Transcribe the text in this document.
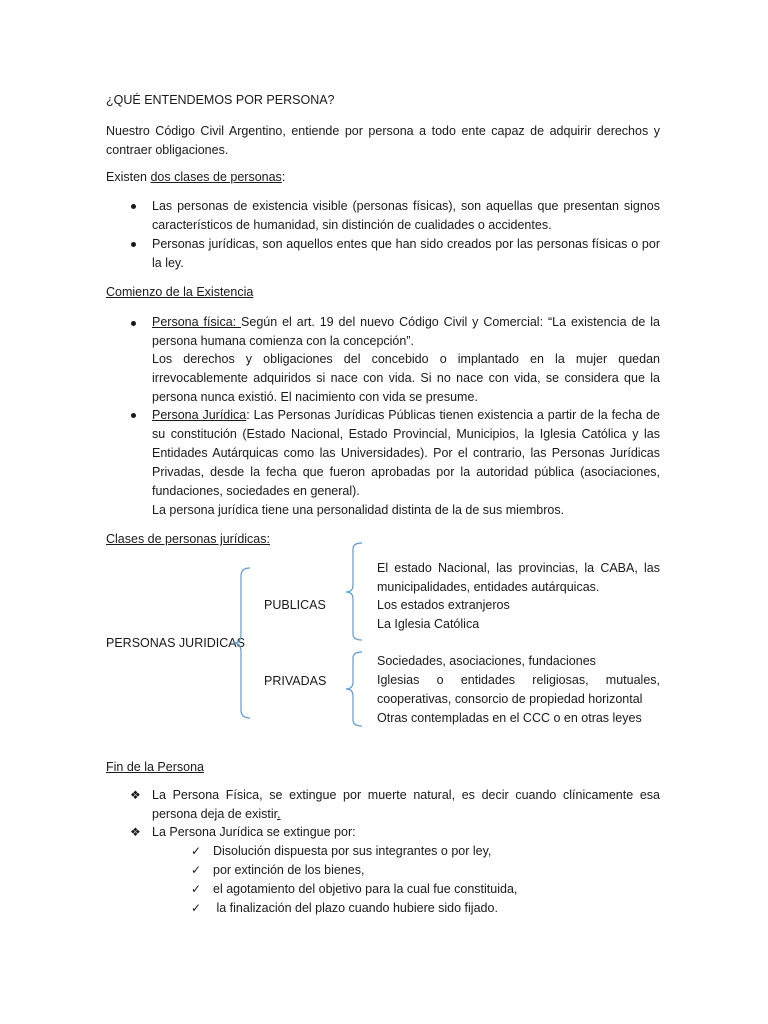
¿QUÉ ENTENDEMOS POR PERSONA?
Nuestro Código Civil Argentino, entiende por persona a todo ente capaz de adquirir derechos y contraer obligaciones.
Existen dos clases de personas:
Las personas de existencia visible (personas físicas), son aquellas que presentan signos característicos de humanidad, sin distinción de cualidades o accidentes.
Personas jurídicas, son aquellos entes que han sido creados por las personas físicas o por la ley.
Comienzo de la Existencia
Persona física: Según el art. 19 del nuevo Código Civil y Comercial: “La existencia de la persona humana comienza con la concepción”.
Los derechos y obligaciones del concebido o implantado en la mujer quedan irrevocablemente adquiridos si nace con vida. Si no nace con vida, se considera que la persona nunca existió. El nacimiento con vida se presume.
Persona Jurídica: Las Personas Jurídicas Públicas tienen existencia a partir de la fecha de su constitución (Estado Nacional, Estado Provincial, Municipios, la Iglesia Católica y las Entidades Autárquicas como las Universidades). Por el contrario, las Personas Jurídicas Privadas, desde la fecha que fueron aprobadas por la autoridad pública (asociaciones, fundaciones, sociedades en general).
La persona jurídica tiene una personalidad distinta de la de sus miembros.
Clases de personas jurídicas:
PERSONAS JURIDICAS
PUBLICAS
PRIVADAS
El estado Nacional, las provincias, la CABA, las municipalidades, entidades autárquicas.
Los estados extranjeros
La Iglesia Católica
Sociedades, asociaciones, fundaciones
Iglesias o entidades religiosas, mutuales, cooperativas, consorcio de propiedad horizontal
Otras contempladas en el CCC o en otras leyes
Fin de la Persona
❖ La Persona Física, se extingue por muerte natural, es decir cuando clínicamente esa persona deja de existir.
❖ La Persona Jurídica se extingue por:
✓ Disolución dispuesta por sus integrantes o por ley,
✓ por extinción de los bienes,
✓ el agotamiento del objetivo para la cual fue constituida,
✓ la finalización del plazo cuando hubiere sido fijado.
